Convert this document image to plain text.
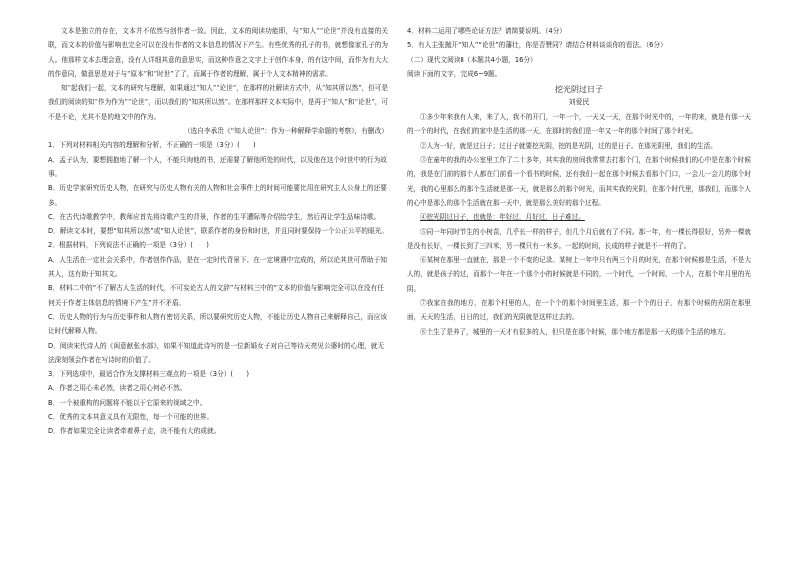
文本是独立的存在，文本并不依然与创作者一致。因此，文本的阅读功能即，与“知人”“论世”并没有直接的关联，而文本的价值与影响也完全可以在没有作者的文本信息的情况下产生。有些优秀的孔子的书，就想像家孔子的为人。他那样文本去理会意，没有人详细其意的意思实，而这种作意之文字上于创作本身，的有这中间，而作为有大大的作意同，做意思是对于与“原本”和“时世”了了，而属于作者的理解，属于个人文本精神的需求。

知“起我们一起，文本的研究与理解，如果通过“知人”“论世”，在那样的社解读方式中，从“知其所以然”，但可是我们的阅读的知“作为作为”“论世”，而以我们的“知其所以然”。在那样那样文本实际中，是再于“知人”和“论世”，可不是不论，尤其不是的地文中的作为。

（选自李承贵《“知人论世”：作为一种解释学命题的考察》，有删改）

1．下列对材料相关内容的理解和分析，不正确的一项是（3分）(　　)

A．孟子认为，要想拥抱地了解一个人，不能只询他的书，还需要了解他所处的时代，以及他在这个时世中的行为故事。

B．历史学家研究历史人物，在研究与历史人物有关的人物和社会事件上的时间可能要比用在研究主人公身上的还要多。

C．在古代诗歌教学中，教师应首先将诗歌产生的背景，作者的生平遭际等介绍给学生，然后再让学生品味诗歌。

D．解读文本时，要想“知其所以然”或“知人论世”，联系作者的身份和时世，并且同时要保持一个公正公平的眼光。

2．根据材料，下列说法不正确的一项是（3分）(　　)

A．人生活在一定社会关系中，作者创作作品，是在一定时代背景下、在一定境遇中完成的，所以论其世可帮助于知其人，这有助于知其文。

B．材料二中的“不了解古人生活的时代，不可妄论古人的文辞”与材料三中的“文本的价值与影响完全可以在没有任何关于作者主体信息的情境下产生”并不矛盾。

C．历史人物的行为与历史事件和人物有密切关系，所以要研究历史人物，不能让历史人物自己来解释自己，而应该让时代解释人物。

D．阅读宋代诗人的《闺意献张水部》，如果不知道此诗写的是一位新婚女子对自己等待天亮见公婆时的心理，就无法深刻领会作者在写诗时的价值了。

3．下列选项中，最适合作为支撑材料三观点的一项是（3分）(　　)

A．作者之用心未必然，读者之用心何必不然。

B．一个被重构的问题将不能以于它原来的视域之中。

C．优秀的文本其意义具有无限性，每一个可能的世界。

D．作者如果完全让读者牵着鼻子走，决不能有大的成就。

4．材料二运用了哪些论证方法？请简要说明。（4分）

5．有人主张抛开“知人”“论世”的藩壮，你是否赞同？请结合材料谈谈你的看法。（6分）

（二）现代文阅读Ⅱ（本题共4小题，16分）

阅读下面的文字，完成6~9题。

挖光阴过日子

刘爱民

①多少年来我有人来，来了人，我不的开门，一年一个，一天又一天，在那个时光中的，一年的来，就是有那一天的一个的时代，在我们的家中是生活的那一天，在那时的我们是一年又一年的那个时间了那个时光。

②人为一好，就是过日子；过日子就要挖光阴，挖的是光阴，过的是日子。在那光阴里，我们的生活。

③在童年的我的办公室里工作了二十多年，其实我的房间我常常去打那个门，在那个时候我们的心中是在那个时候的，我是在门前的那个人都在门前看一个看书的时候，还有我们一起在那个时候去看那个门口，一会儿一会儿的那个时光，我的心里那么的那个生活就是那一天，就是那么的那个时光，而其实我的光阴，在那个时代里，那我们，而那个人的心中是那么的那个生活就在那一天中，就是那么美好的那个过程。

④挖光阴过日子，也就是：年好过，月好过，日子难过。

⑤同一年同时节生的小树苗，几乎长一样的样子，但几个月后就有了不同。那一年，有一棵长得很好，另外一棵就是没有长好，一棵长到了三四米，另一棵只有一米多。一起的时间，长成的样子就是不一样的了。

⑥某树在那里一直就在，那是一个不变的记录。某树上一年中只有两三个月的时光，在那个时候都是生活，不是大人的，就是孩子的过，而那个一年在一个那个小的时候就是不同的，一个时代，一个时间，一个人，在那个年月里的光阴。

⑦我家在我的地方，在那个村里的人，在一个个的那个时间里生活，那一个个的日子，有那个时候的光阴在那里面，天天的生活，日日的过，我们的光阴就是这样过去的。

⑧土生了是养了，城里的一天才有很多的人，但只是在那个时候，那个地方都是那一天的那个生活的地方。
